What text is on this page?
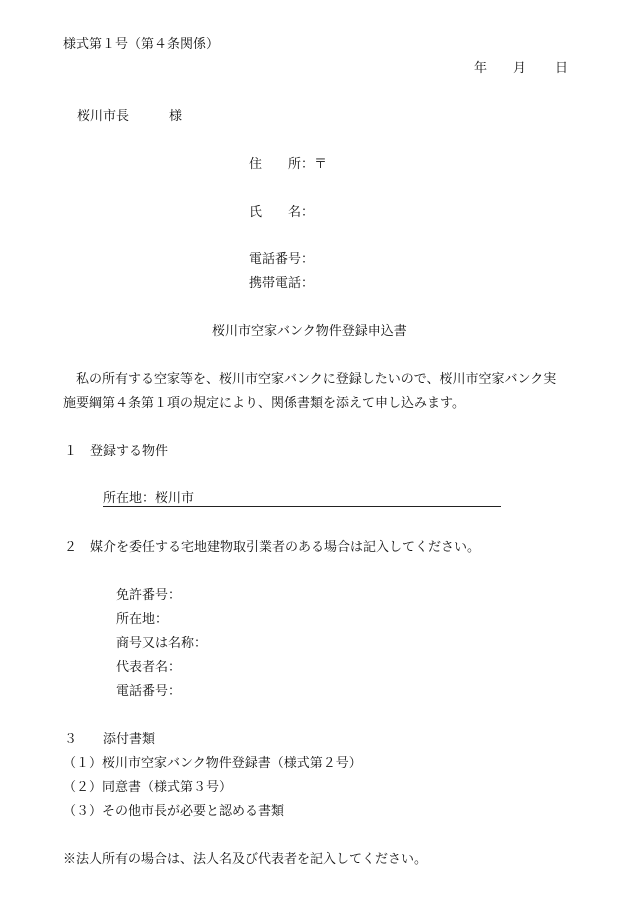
様式第１号（第４条関係）
年 月 日
桜川市長	様
住　　所：〒
氏　　名：
電話番号：
携帯電話：
桜川市空家バンク物件登録申込書
私の所有する空家等を、桜川市空家バンクに登録したいので、桜川市空家バンク実
施要綱第４条第１項の規定により、関係書類を添えて申し込みます。
１　登録する物件
所在地：桜川市
２　媒介を委任する宅地建物取引業者のある場合は記入してください。
免許番号：
所在地：
商号又は名称：
代表者名：
電話番号：
３ 添付書類
（１）桜川市空家バンク物件登録書（様式第２号）
（２）同意書（様式第３号）
（３）その他市長が必要と認める書類
※法人所有の場合は、法人名及び代表者を記入してください。
